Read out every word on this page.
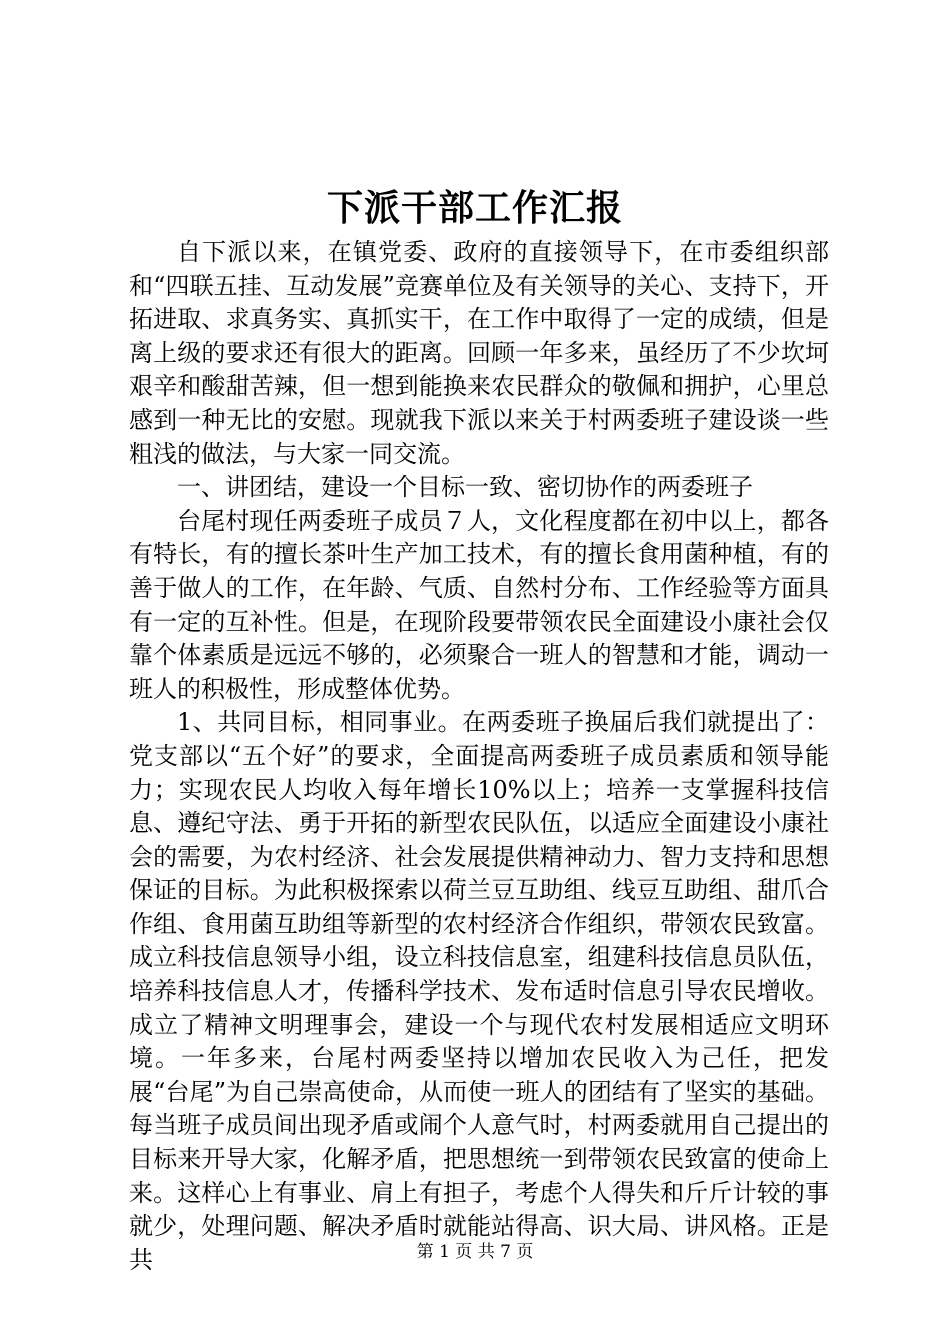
下派干部工作汇报

自下派以来，在镇党委、政府的直接领导下，在市委组织部和“四联五挂、互动发展”竞赛单位及有关领导的关心、支持下，开拓进取、求真务实、真抓实干，在工作中取得了一定的成绩，但是离上级的要求还有很大的距离。回顾一年多来，虽经历了不少坎坷艰辛和酸甜苦辣，但一想到能换来农民群众的敬佩和拥护，心里总感到一种无比的安慰。现就我下派以来关于村两委班子建设谈一些粗浅的做法，与大家一同交流。

一、讲团结，建设一个目标一致、密切协作的两委班子

台尾村现任两委班子成员７人，文化程度都在初中以上，都各有特长，有的擅长茶叶生产加工技术，有的擅长食用菌种植，有的善于做人的工作，在年龄、气质、自然村分布、工作经验等方面具有一定的互补性。但是，在现阶段要带领农民全面建设小康社会仅靠个体素质是远远不够的，必须聚合一班人的智慧和才能，调动一班人的积极性，形成整体优势。

1、共同目标，相同事业。在两委班子换届后我们就提出了：党支部以“五个好”的要求，全面提高两委班子成员素质和领导能力；实现农民人均收入每年增长10%以上；培养一支掌握科技信息、遵纪守法、勇于开拓的新型农民队伍，以适应全面建设小康社会的需要，为农村经济、社会发展提供精神动力、智力支持和思想保证的目标。为此积极探索以荷兰豆互助组、线豆互助组、甜爪合作组、食用菌互助组等新型的农村经济合作组织，带领农民致富。成立科技信息领导小组，设立科技信息室，组建科技信息员队伍，培养科技信息人才，传播科学技术、发布适时信息引导农民增收。成立了精神文明理事会，建设一个与现代农村发展相适应文明环境。一年多来，台尾村两委坚持以增加农民收入为己任，把发展“台尾”为自己崇高使命，从而使一班人的团结有了坚实的基础。每当班子成员间出现矛盾或闹个人意气时，村两委就用自己提出的目标来开导大家，化解矛盾，把思想统一到带领农民致富的使命上来。这样心上有事业、肩上有担子，考虑个人得失和斤斤计较的事就少，处理问题、解决矛盾时就能站得高、识大局、讲风格。正是共	第 1 页 共 7 页
